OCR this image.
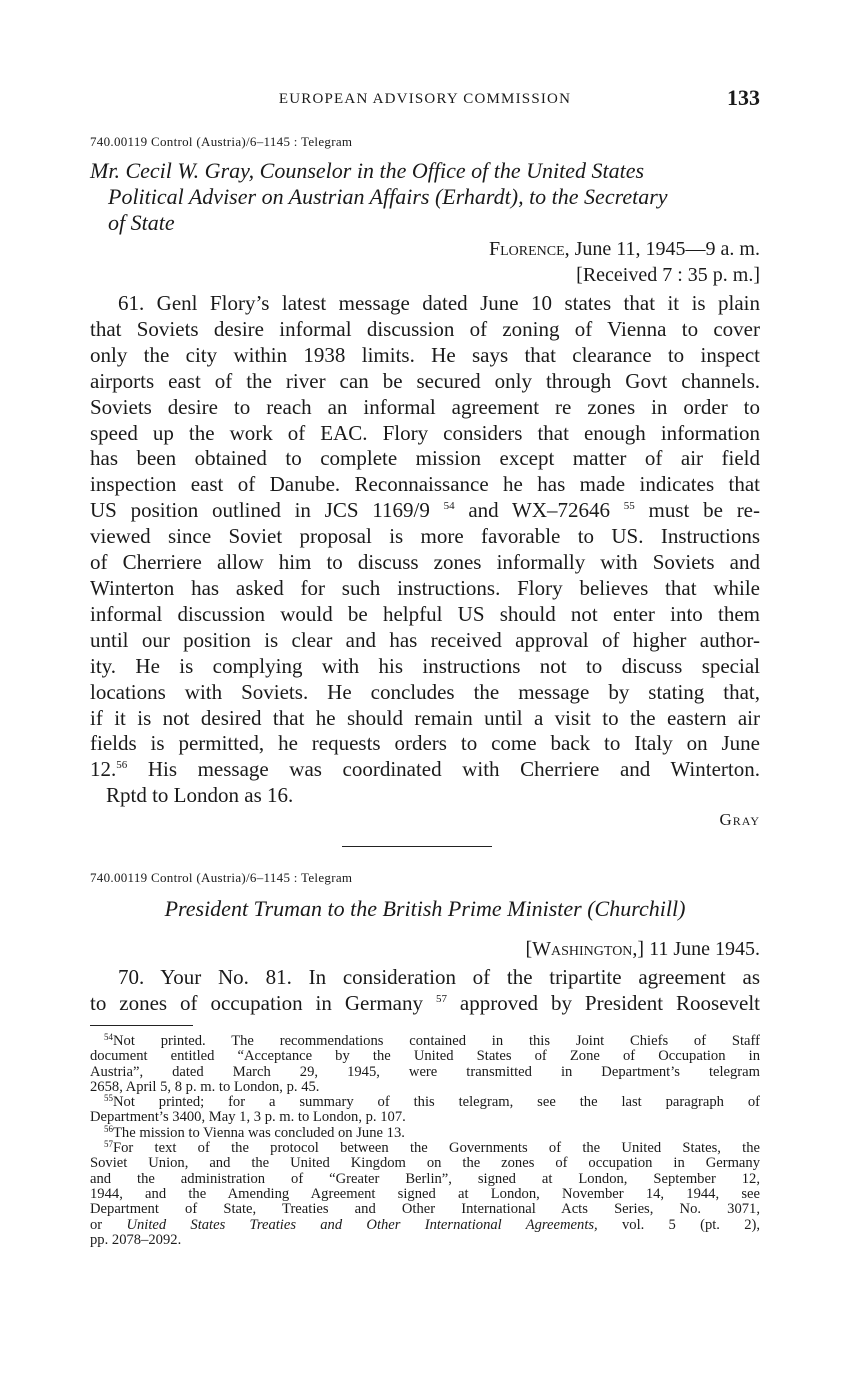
EUROPEAN ADVISORY COMMISSION	133
740.00119 Control (Austria)/6–1145 : Telegram
Mr. Cecil W. Gray, Counselor in the Office of the United States
Political Adviser on Austrian Affairs (Erhardt), to the Secretary
of State
Florence, June 11, 1945—9 a. m.
[Received 7 : 35 p. m.]
61. Genl Flory’s latest message dated June 10 states that it is plain
that Soviets desire informal discussion of zoning of Vienna to cover
only the city within 1938 limits. He says that clearance to inspect
airports east of the river can be secured only through Govt channels.
Soviets desire to reach an informal agreement re zones in order to
speed up the work of EAC. Flory considers that enough information
has been obtained to complete mission except matter of air field
inspection east of Danube. Reconnaissance he has made indicates that
US position outlined in JCS 1169/9 $^{54}$ and WX–72646 $^{55}$ must be re-
viewed since Soviet proposal is more favorable to US. Instructions
of Cherriere allow him to discuss zones informally with Soviets and
Winterton has asked for such instructions. Flory believes that while
informal discussion would be helpful US should not enter into them
until our position is clear and has received approval of higher author-
ity. He is complying with his instructions not to discuss special
locations with Soviets. He concludes the message by stating that,
if it is not desired that he should remain until a visit to the eastern air
fields is permitted, he requests orders to come back to Italy on June
12.56 His message was coordinated with Cherriere and Winterton.
Rptd to London as 16.
Gray
740.00119 Control (Austria)/6–1145 : Telegram
President Truman to the British Prime Minister (Churchill)
[Washington,] 11 June 1945.
70. Your No. 81. In consideration of the tripartite agreement as
to zones of occupation in Germany $^{57}$ approved by President Roosevelt
$^{54}$Not printed. The recommendations contained in this Joint Chiefs of Staff
document entitled “Acceptance by the United States of Zone of Occupation in
Austria”, dated March 29, 1945, were transmitted in Department’s telegram
2658, April 5, 8 p. m. to London, p. 45.
$^{55}$Not printed; for a summary of this telegram, see the last paragraph of
Department’s 3400, May 1, 3 p. m. to London, p. 107.
$^{56}$The mission to Vienna was concluded on June 13.
$^{57}$For text of the protocol between the Governments of the United States, the
Soviet Union, and the United Kingdom on the zones of occupation in Germany
and the administration of “Greater Berlin”, signed at London, September 12,
1944, and the Amending Agreement signed at London, November 14, 1944, see
Department of State, Treaties and Other International Acts Series, No. 3071,
or United States Treaties and Other International Agreements, vol. 5 (pt. 2),
pp. 2078–2092.
